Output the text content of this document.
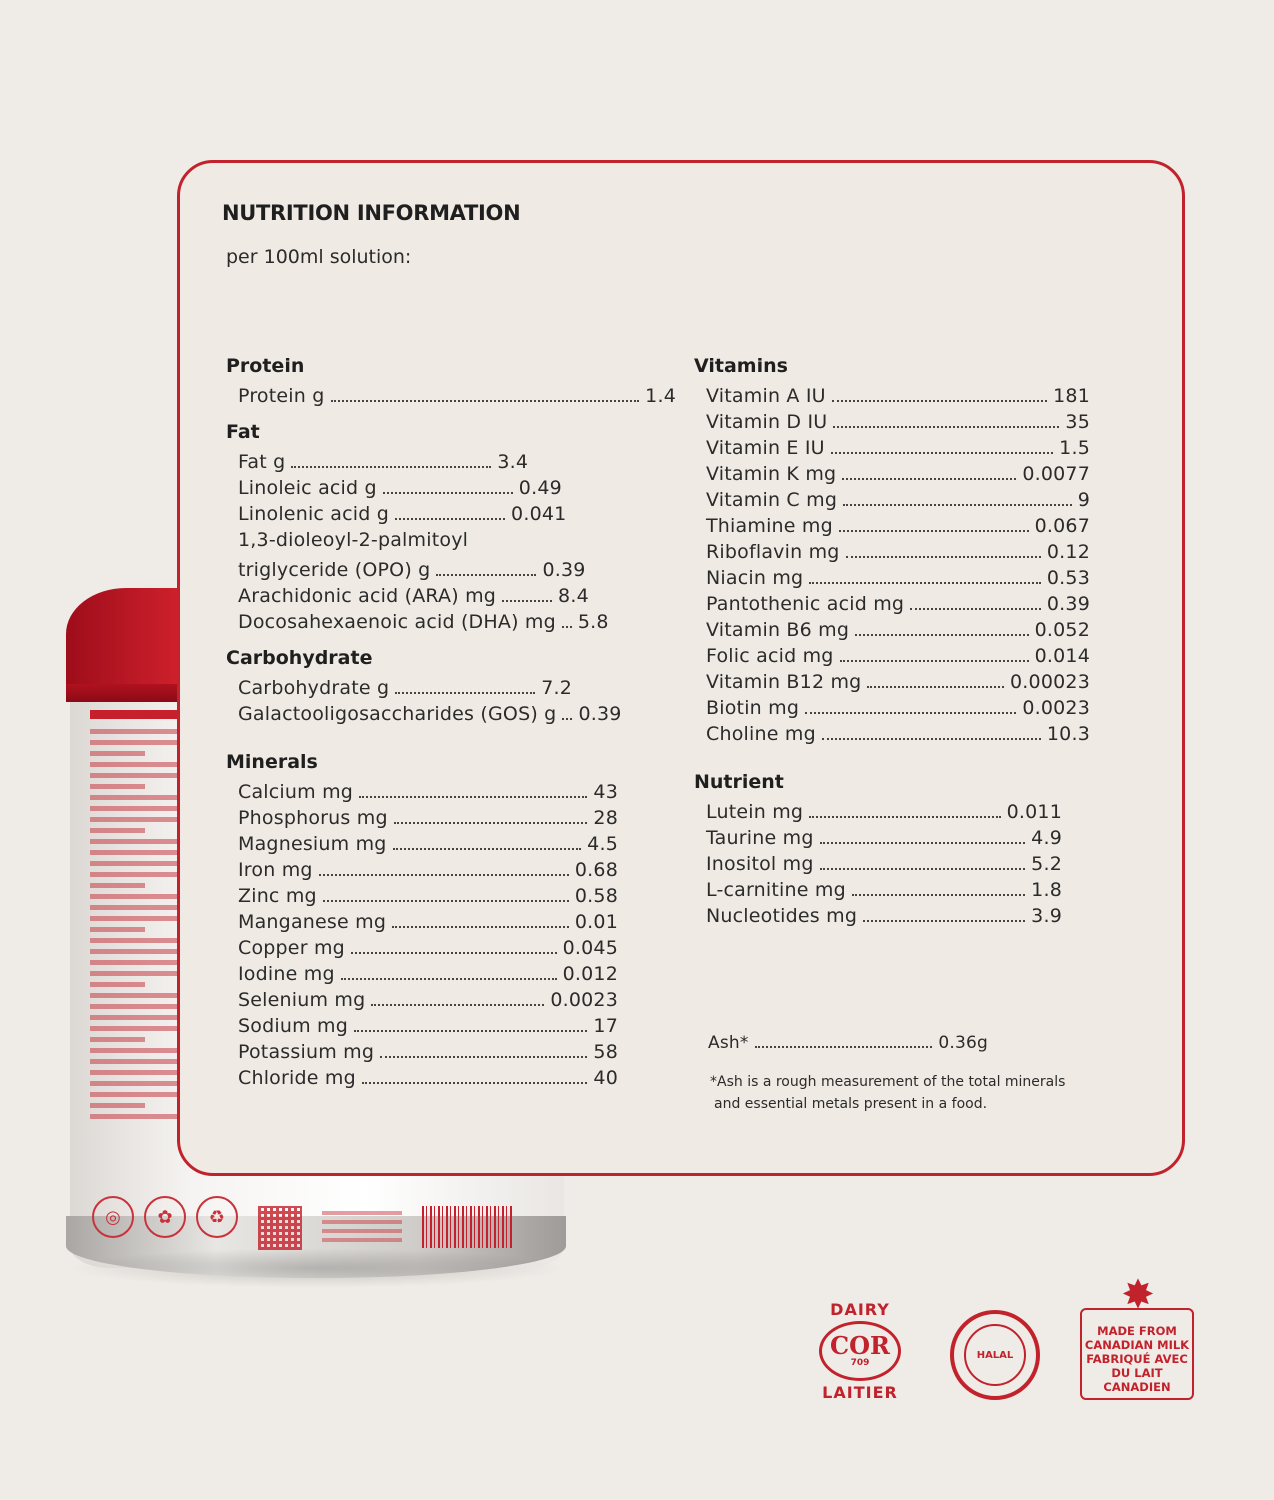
◎	✿	♻
NUTRITION INFORMATION
per 100ml solution:
Protein
Protein g	1.4
Fat
Fat g	3.4
Linoleic acid g	0.49
Linolenic acid g	0.041
1,3-dioleoyl-2-palmitoyl
triglyceride (OPO) g	0.39
Arachidonic acid (ARA) mg	8.4
Docosahexaenoic acid (DHA) mg 5.8
Carbohydrate
Carbohydrate g	7.2
Galactooligosaccharides (GOS) g 0.39
Minerals
Calcium mg	43
Phosphorus mg	28
Magnesium mg	4.5
Iron mg	0.68
Zinc mg	0.58
Manganese mg	0.01
Copper mg	0.045
Iodine mg	0.012
Selenium mg	0.0023
Sodium mg	17
Potassium mg	58
Chloride mg	40
Vitamins
Vitamin A IU	181
Vitamin D IU	35
Vitamin E IU	1.5
Vitamin K mg	0.0077
Vitamin C mg	9
Thiamine mg	0.067
Riboflavin mg	0.12
Niacin mg	0.53
Pantothenic acid mg	0.39
Vitamin B6 mg	0.052
Folic acid mg	0.014
Vitamin B12 mg	0.00023
Biotin mg	0.0023
Choline mg	10.3
Nutrient
Lutein mg	0.011
Taurine mg	4.9
Inositol mg	5.2
L-carnitine mg	1.8
Nucleotides mg	3.9
Ash*	0.36g
*Ash is a rough measurement of the total minerals
and essential metals present in a food.
DAIRY
COR
709
LAITIER
HALAL
✸
MADE FROM
CANADIAN MILK
FABRIQUÉ AVEC
DU LAIT CANADIEN
